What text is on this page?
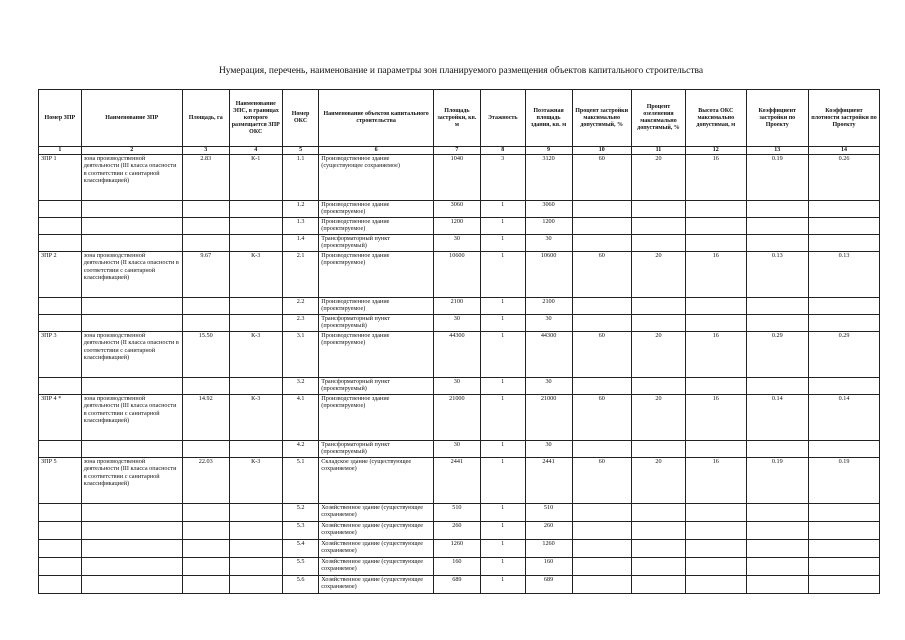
Нумерация, перечень, наименование и параметры зон планируемого размещения объектов капитального строительства
Номер ЗПР	Наименование ЗПР	Площадь, га	Наименование ЭПС, в границах которого размещается ЗПР ОКС	Номер ОКС	Наименование объектов капитального строительства	Площадь застройки, кв. м	Этажность	Поэтажная площадь здания, кв. м	Процент застройки максимально допустимый, %	Процент озеленения максимально допустимый, %	Высота ОКС максимально допустимая, м	Коэффициент застройки по Проекту	Коэффициент плотности застройки по Проекту
1	2	3	4	5	6	7	8	9	10	11	12	13	14
ЗПР 1	зона производственной деятельности (III класса опасности в соответствии с санитарной классификацией)	2.83	К-1	1.1	Производственное здание (существующее сохраняемое)	1040	3	3120	60	20	16	0.19	0.26
				1.2	Производственное здание (проектируемое)	3060	1	3060					
				1.3	Производственное здание (проектируемое)	1200	1	1200					
				1.4	Трансформаторный пункт (проектируемый)	30	1	30					
ЗПР 2	зона производственной деятельности (II класса опасности в соответствии с санитарной классификацией)	9.67	К-3	2.1	Производственное здание (проектируемое)	10600	1	10600	60	20	16	0.13	0.13
				2.2	Производственное здание (проектируемое)	2100	1	2100					
				2.3	Трансформаторный пункт (проектируемый)	30	1	30					
ЗПР 3	зона производственной деятельности (II класса опасности в соответствии с санитарной классификацией)	15.50	К-3	3.1	Производственное здание (проектируемое)	44300	1	44300	60	20	16	0.29	0.29
				3.2	Трансформаторный пункт (проектируемый)	30	1	30					
ЗПР 4 *	зона производственной деятельности (III класса опасности в соответствии с санитарной классификацией)	14.92	К-3	4.1	Производственное здание (проектируемое)	21000	1	21000	60	20	16	0.14	0.14
				4.2	Трансформаторный пункт (проектируемый)	30	1	30					
ЗПР 5	зона производственной деятельности (III класса опасности в соответствии с санитарной классификацией)	22.03	К-3	5.1	Складское здание (существующее сохраняемое)	2441	1	2441	60	20	16	0.19	0.19
				5.2	Хозяйственное здание (существующее сохраняемое)	510	1	510					
				5.3	Хозяйственное здание (существующее сохраняемое)	260	1	260					
				5.4	Хозяйственное здание (существующее сохраняемое)	1260	1	1260					
				5.5	Хозяйственное здание (существующее сохраняемое)	160	1	160					
				5.6	Хозяйственное здание (существующее сохраняемое)	689	1	689					
